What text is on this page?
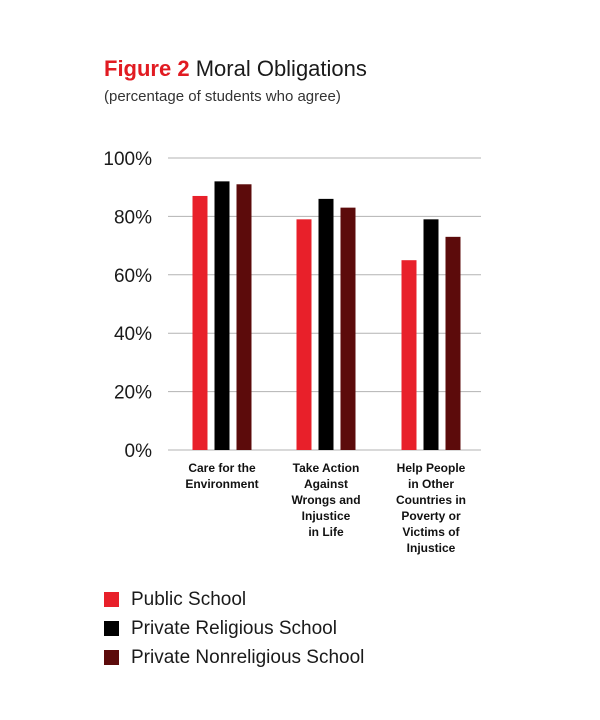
Figure 2 Moral Obligations
(percentage of students who agree)
0%
20%
40%
60%
80%
100%
Care for the Environment
Take Action Against Wrongs and Injustice in Life
Help People in Other Countries in Poverty or Victims of Injustice
Public School
Private Religious School
Private Nonreligious School
